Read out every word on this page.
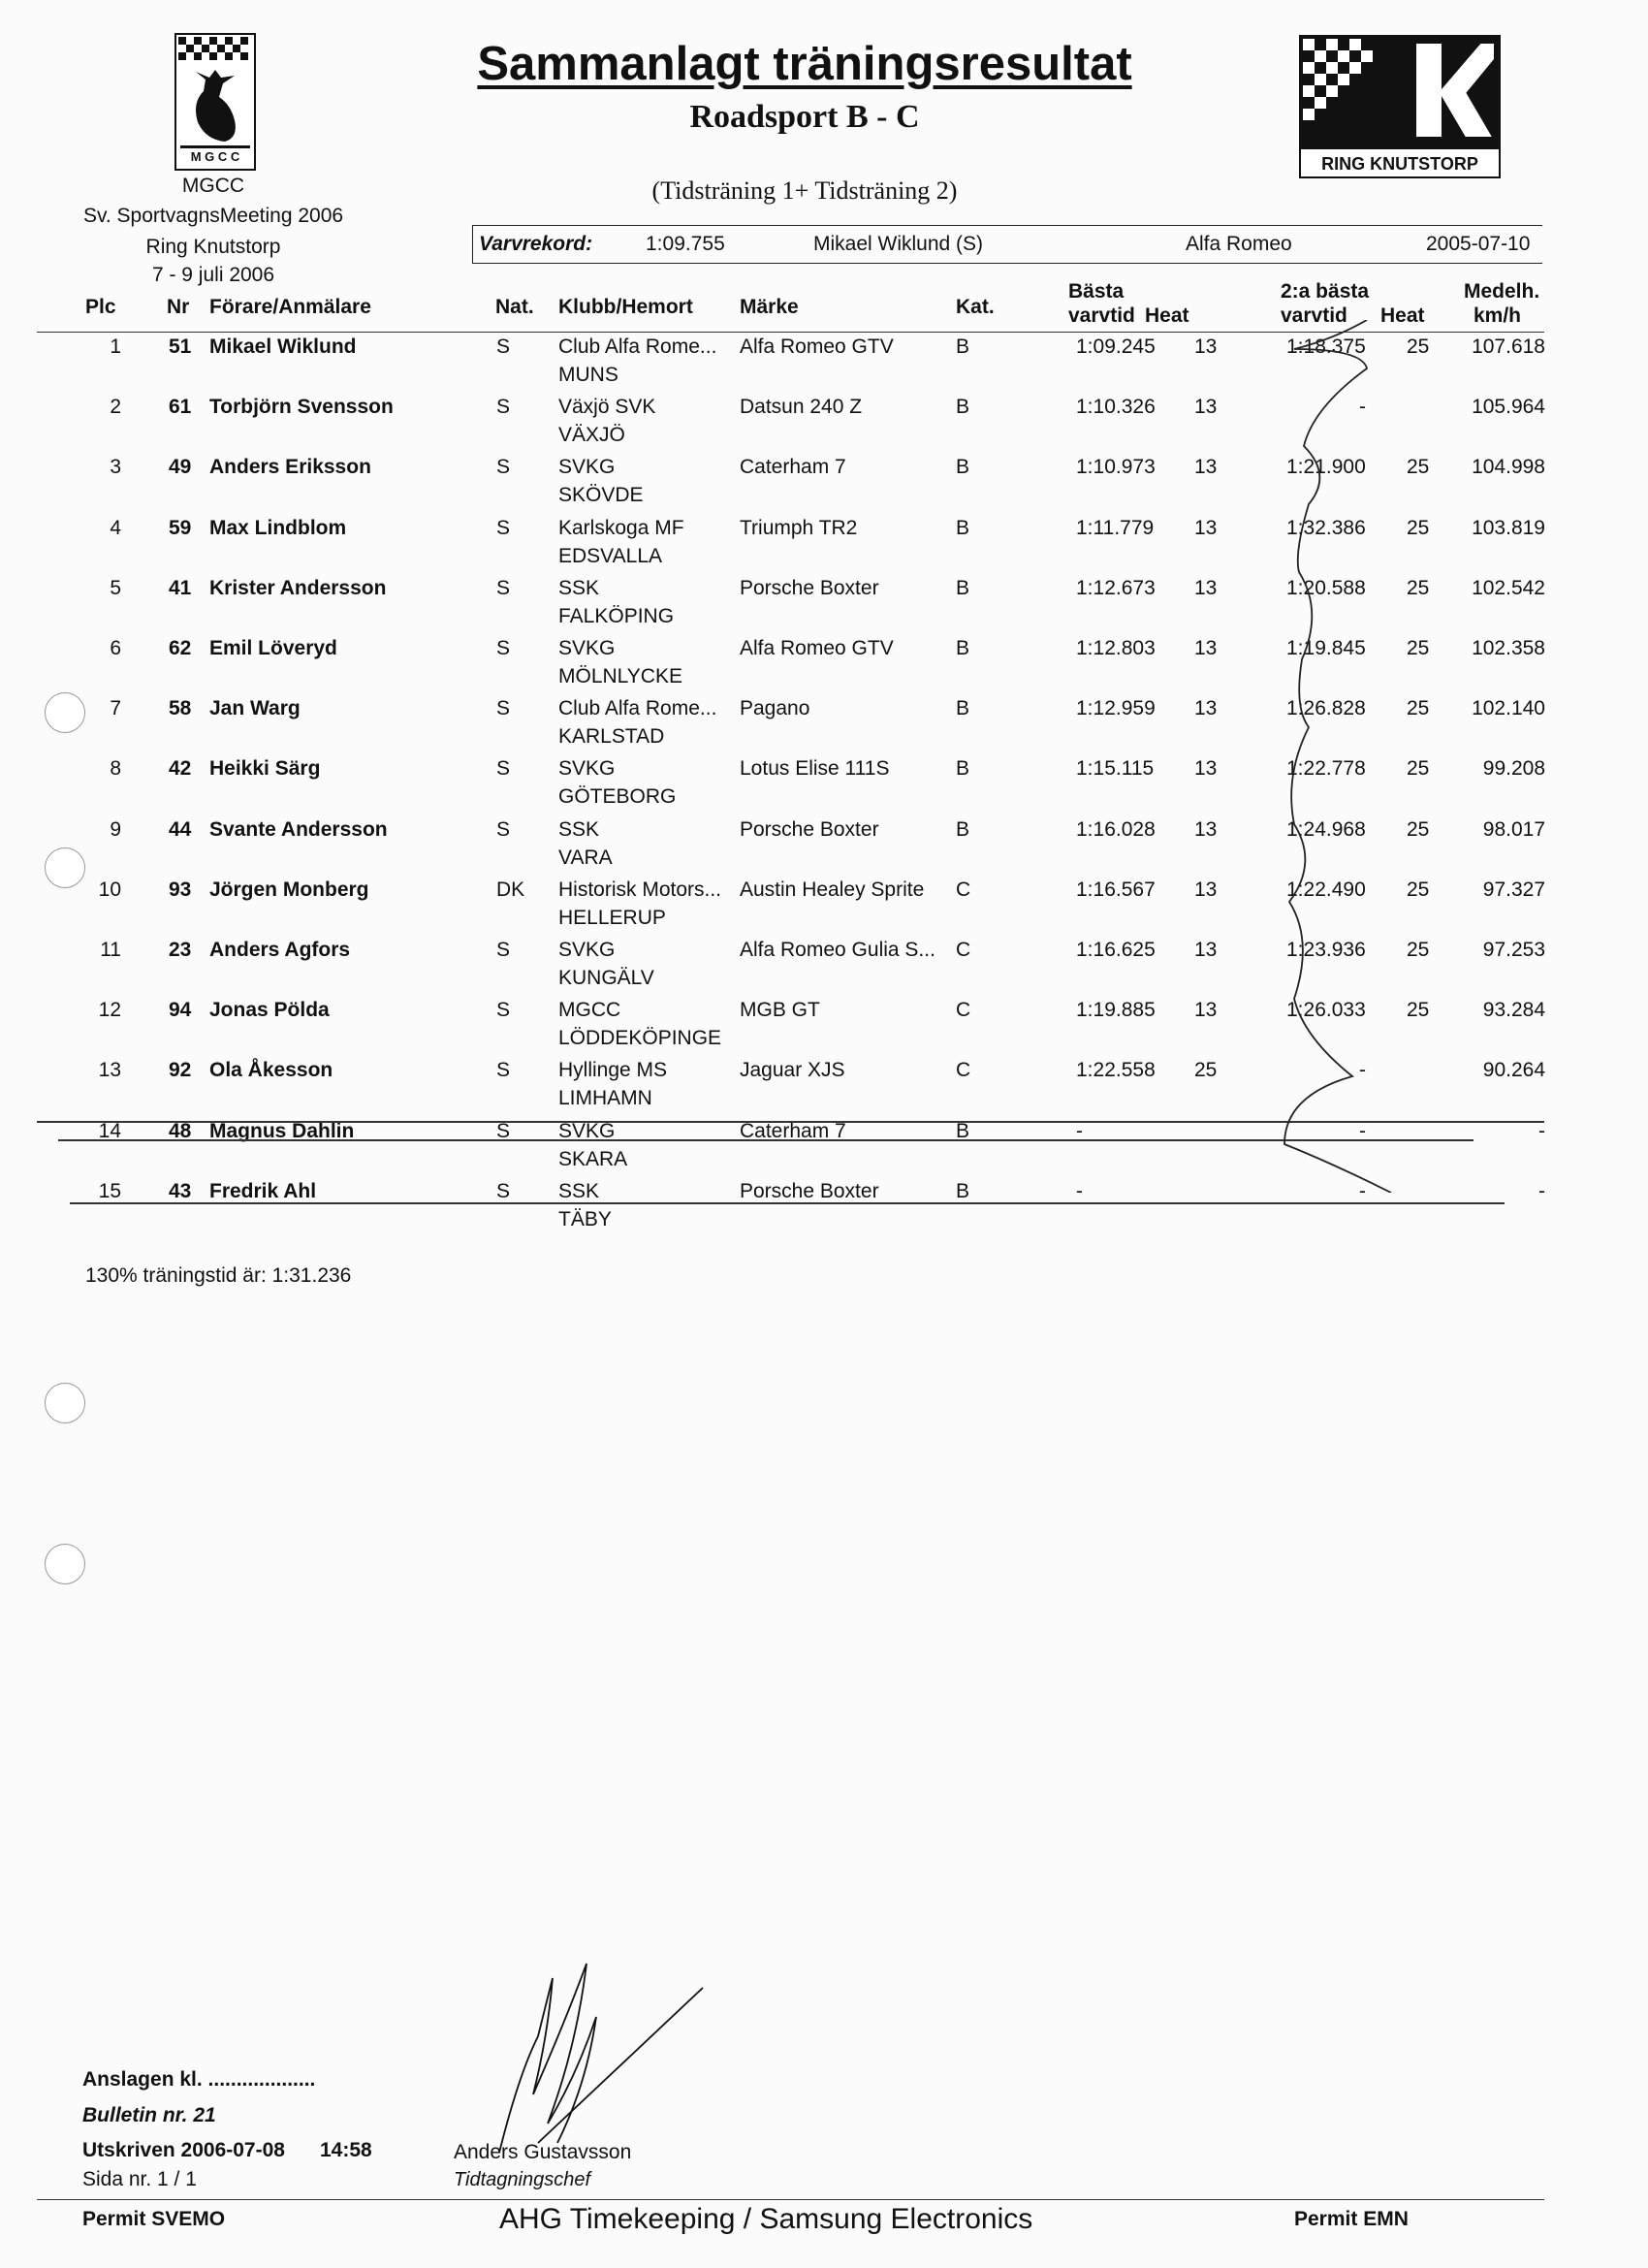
M G C C
MGCC
Sv. SportvagnsMeeting 2006
Ring Knutstorp
7 - 9 juli 2006
Sammanlagt träningsresultat
Roadsport B - C
(Tidsträning 1+ Tidsträning 2)
RING KNUTSTORP
Varvrekord:	1:09.755	Mikael Wiklund (S)	Alfa Romeo	2005-07-10
Plc Nr Förare/Anmälare	Nat. Klubb/Hemort Märke	Kat.
Bästa
varvtid Heat
2:a bästa
varvtid Heat
Medelh.
km/h
1 51 Mikael Wiklund	S Club Alfa Rome... Alfa Romeo GTV	B	1:09.245 13	1:18.375 25 107.618
MUNS
2 61 Torbjörn Svensson	S Växjö SVK	Datsun 240 Z	B	1:10.326 13	-	105.964
VÄXJÖ
3 49 Anders Eriksson	S SVKG	Caterham 7	B	1:10.973 13	1:21.900 25 104.998
SKÖVDE
4 59 Max Lindblom	S Karlskoga MF	Triumph TR2	B	1:11.779 13	1:32.386 25 103.819
EDSVALLA
5 41 Krister Andersson	S SSK	Porsche Boxter	B	1:12.673 13	1:20.588 25 102.542
FALKÖPING
6 62 Emil Löveryd	S SVKG	Alfa Romeo GTV	B	1:12.803 13	1:19.845 25 102.358
MÖLNLYCKE
7 58 Jan Warg	S Club Alfa Rome... Pagano	B	1:12.959 13	1:26.828 25 102.140
KARLSTAD
8 42 Heikki Särg	S SVKG	Lotus Elise 111S	B	1:15.115 13	1:22.778 25	99.208
GÖTEBORG
9 44 Svante Andersson	S SSK	Porsche Boxter	B	1:16.028 13	1:24.968 25	98.017
VARA
10 93 Jörgen Monberg	DK Historisk Motors... Austin Healey Sprite C	1:16.567 13	1:22.490 25	97.327
HELLERUP
11 23 Anders Agfors	S SVKG	Alfa Romeo Gulia S... C	1:16.625 13	1:23.936 25	97.253
KUNGÄLV
12 94 Jonas Pölda	S MGCC	MGB GT	C	1:19.885 13	1:26.033 25	93.284
LÖDDEKÖPINGE
13 92 Ola Åkesson	S Hyllinge MS	Jaguar XJS	C	1:22.558 25	-	90.264
LIMHAMN
14 48 Magnus Dahlin	S SVKG	Caterham 7	B	-	-	-
SKARA
15 43 Fredrik Ahl	S SSK	Porsche Boxter	B	-	-	-
TÄBY
130% träningstid är: 1:31.236
Anslagen kl. ...................
Bulletin nr. 21
Utskriven 2006-07-08 14:58
Sida nr. 1 / 1
Anders Gustavsson
Tidtagningschef
Permit SVEMO	AHG Timekeeping / Samsung Electronics	Permit EMN
